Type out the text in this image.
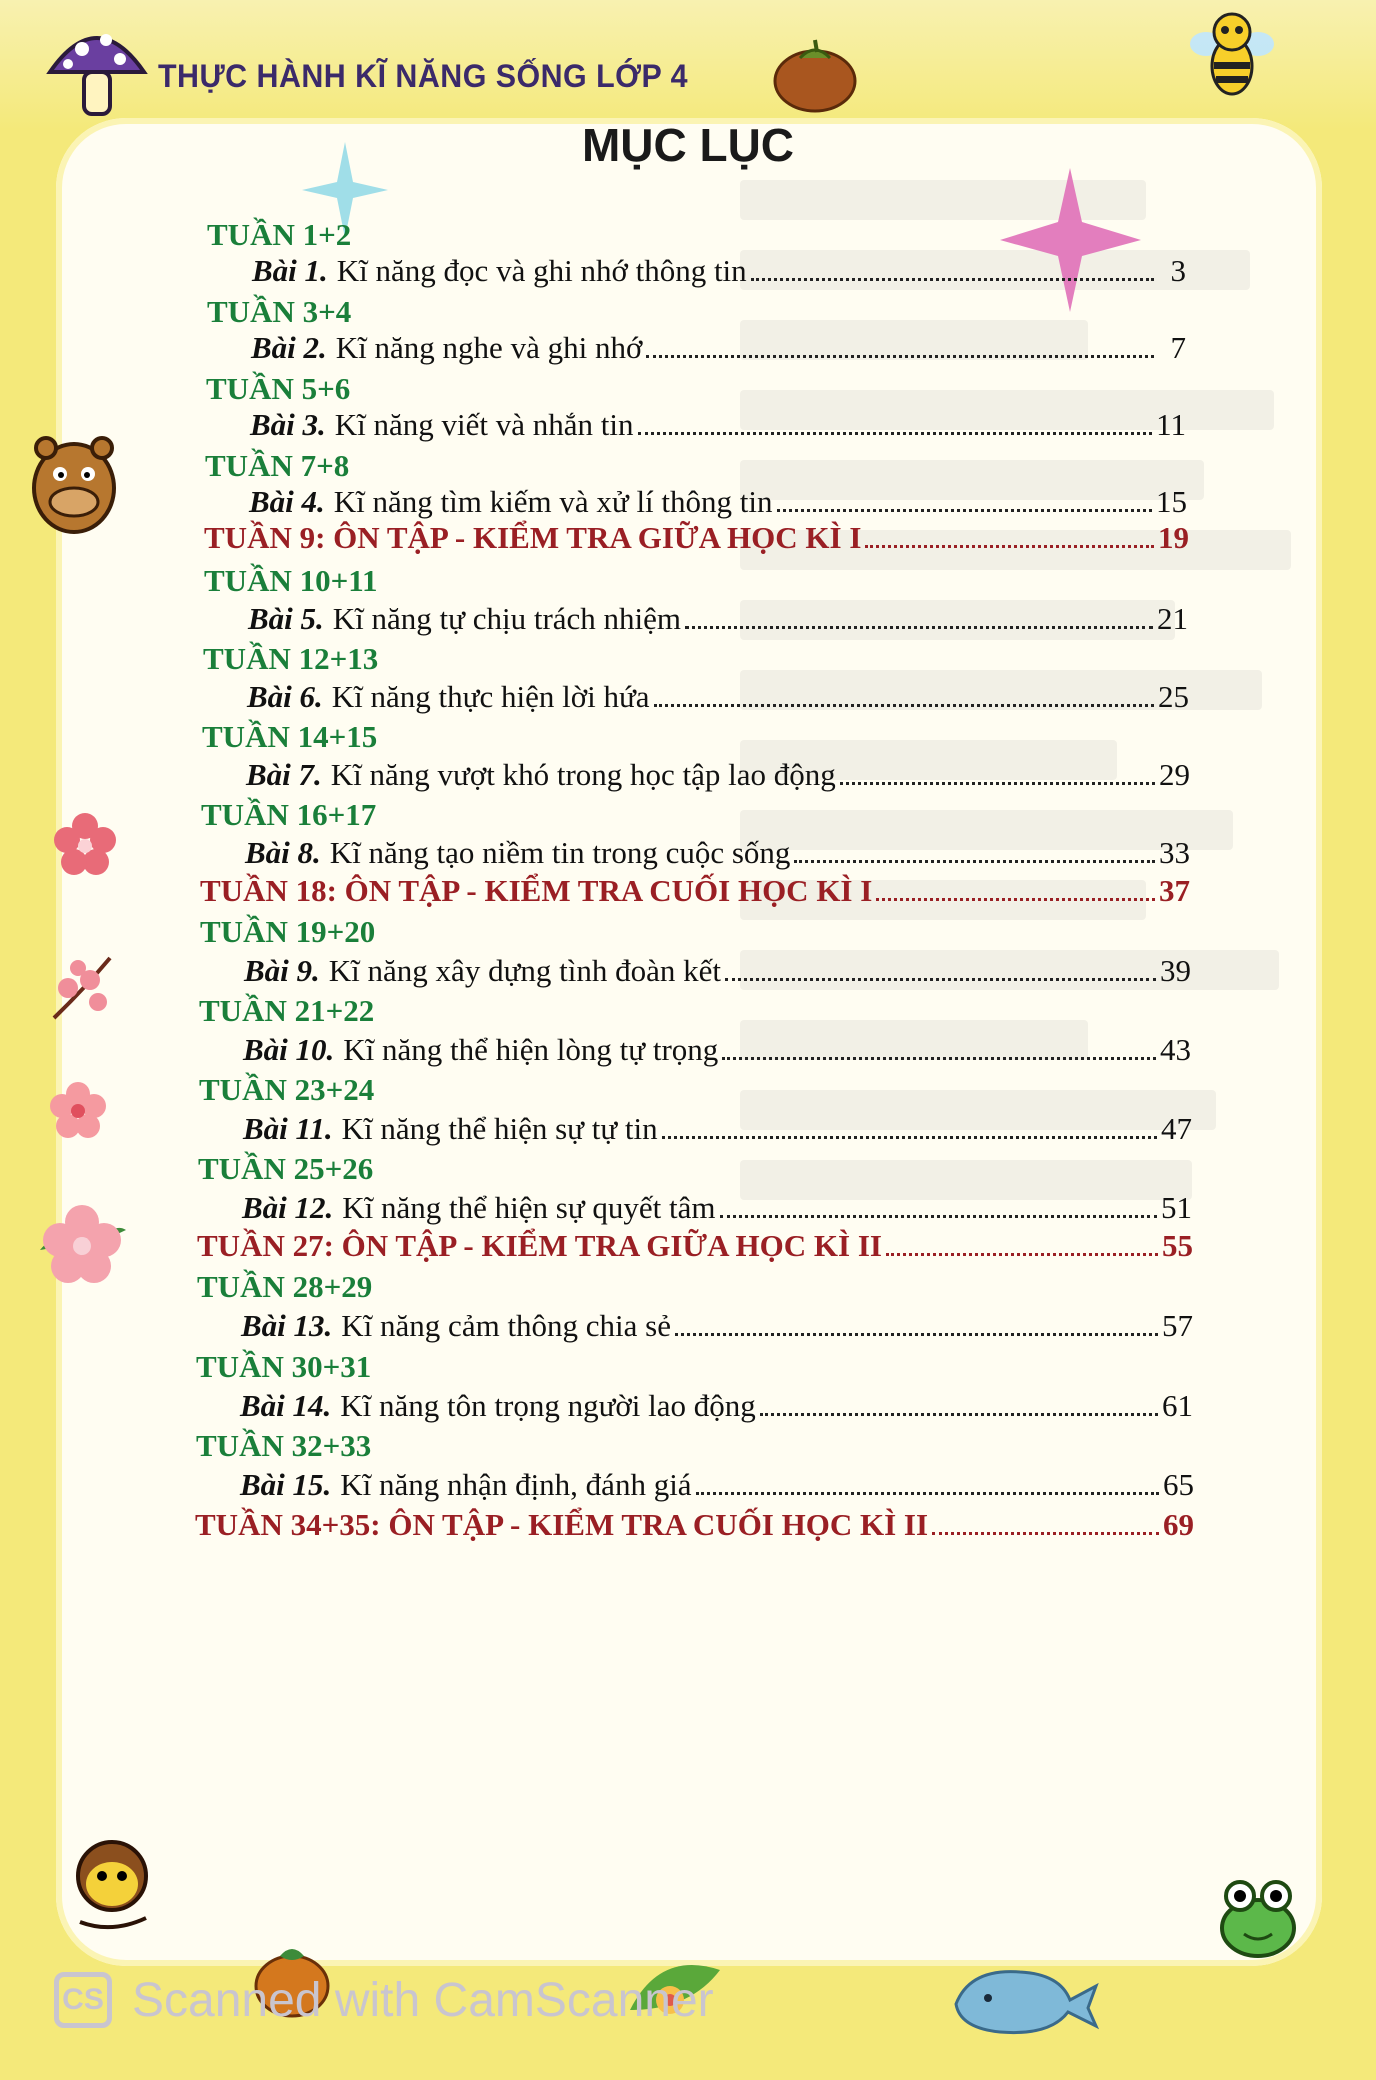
THỰC HÀNH KĨ NĂNG SỐNG LỚP 4
MỤC LỤC
TUẦN 1+2
Bài 1. Kĩ năng đọc và ghi nhớ thông tin	3
TUẦN 3+4
Bài 2. Kĩ năng nghe và ghi nhớ	7
TUẦN 5+6
Bài 3. Kĩ năng viết và nhắn tin	11
TUẦN 7+8
Bài 4. Kĩ năng tìm kiếm và xử lí thông tin	15
TUẦN 9: ÔN TẬP - KIỂM TRA GIỮA HỌC KÌ I	19
TUẦN 10+11
Bài 5. Kĩ năng tự chịu trách nhiệm	21
TUẦN 12+13
Bài 6. Kĩ năng thực hiện lời hứa	25
TUẦN 14+15
Bài 7. Kĩ năng vượt khó trong học tập lao động	29
TUẦN 16+17
Bài 8. Kĩ năng tạo niềm tin trong cuộc sống	33
TUẦN 18: ÔN TẬP - KIỂM TRA CUỐI HỌC KÌ I	37
TUẦN 19+20
Bài 9. Kĩ năng xây dựng tình đoàn kết	39
TUẦN 21+22
Bài 10. Kĩ năng thể hiện lòng tự trọng	43
TUẦN 23+24
Bài 11. Kĩ năng thể hiện sự tự tin	47
TUẦN 25+26
Bài 12. Kĩ năng thể hiện sự quyết tâm	51
TUẦN 27: ÔN TẬP - KIỂM TRA GIỮA HỌC KÌ II	55
TUẦN 28+29
Bài 13. Kĩ năng cảm thông chia sẻ	57
TUẦN 30+31
Bài 14. Kĩ năng tôn trọng người lao động	61
TUẦN 32+33
Bài 15. Kĩ năng nhận định, đánh giá	65
TUẦN 34+35: ÔN TẬP - KIỂM TRA CUỐI HỌC KÌ II	69
CS Scanned with CamScanner
